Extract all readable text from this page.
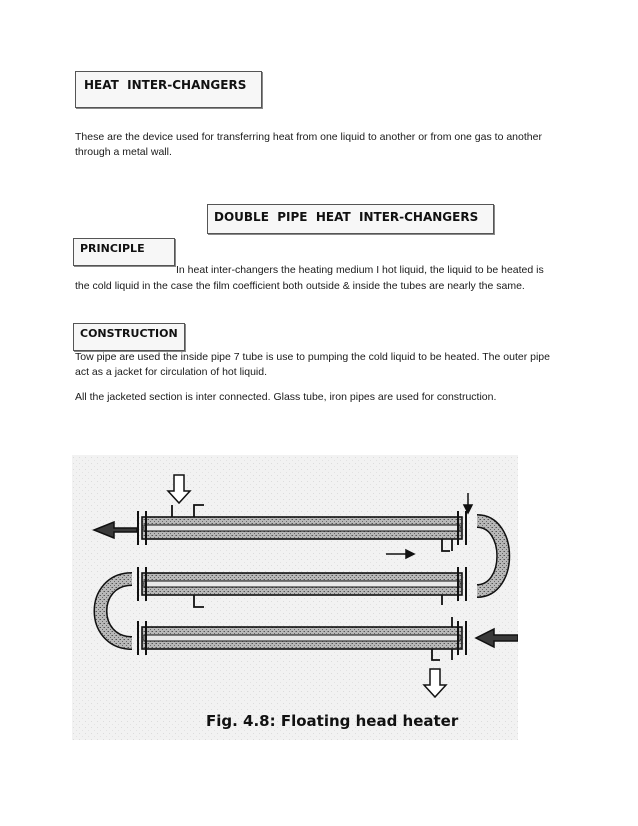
HEAT  INTER-CHANGERS
These are the device used for transferring heat from one liquid to another or from one gas to another
through a metal wall.
DOUBLE  PIPE  HEAT  INTER-CHANGERS
PRINCIPLE
In heat inter-changers the heating medium I hot liquid, the liquid to be heated is
the cold liquid in the case the film coefficient both outside & inside the tubes are nearly the same.
CONSTRUCTION
Tow pipe are used the inside pipe 7 tube is use to pumping the cold liquid to be heated. The outer pipe
act as a jacket for circulation of hot liquid.
All the jacketed section is inter connected. Glass tube, iron pipes are used for construction.
Fig. 4.8: Floating head heater
